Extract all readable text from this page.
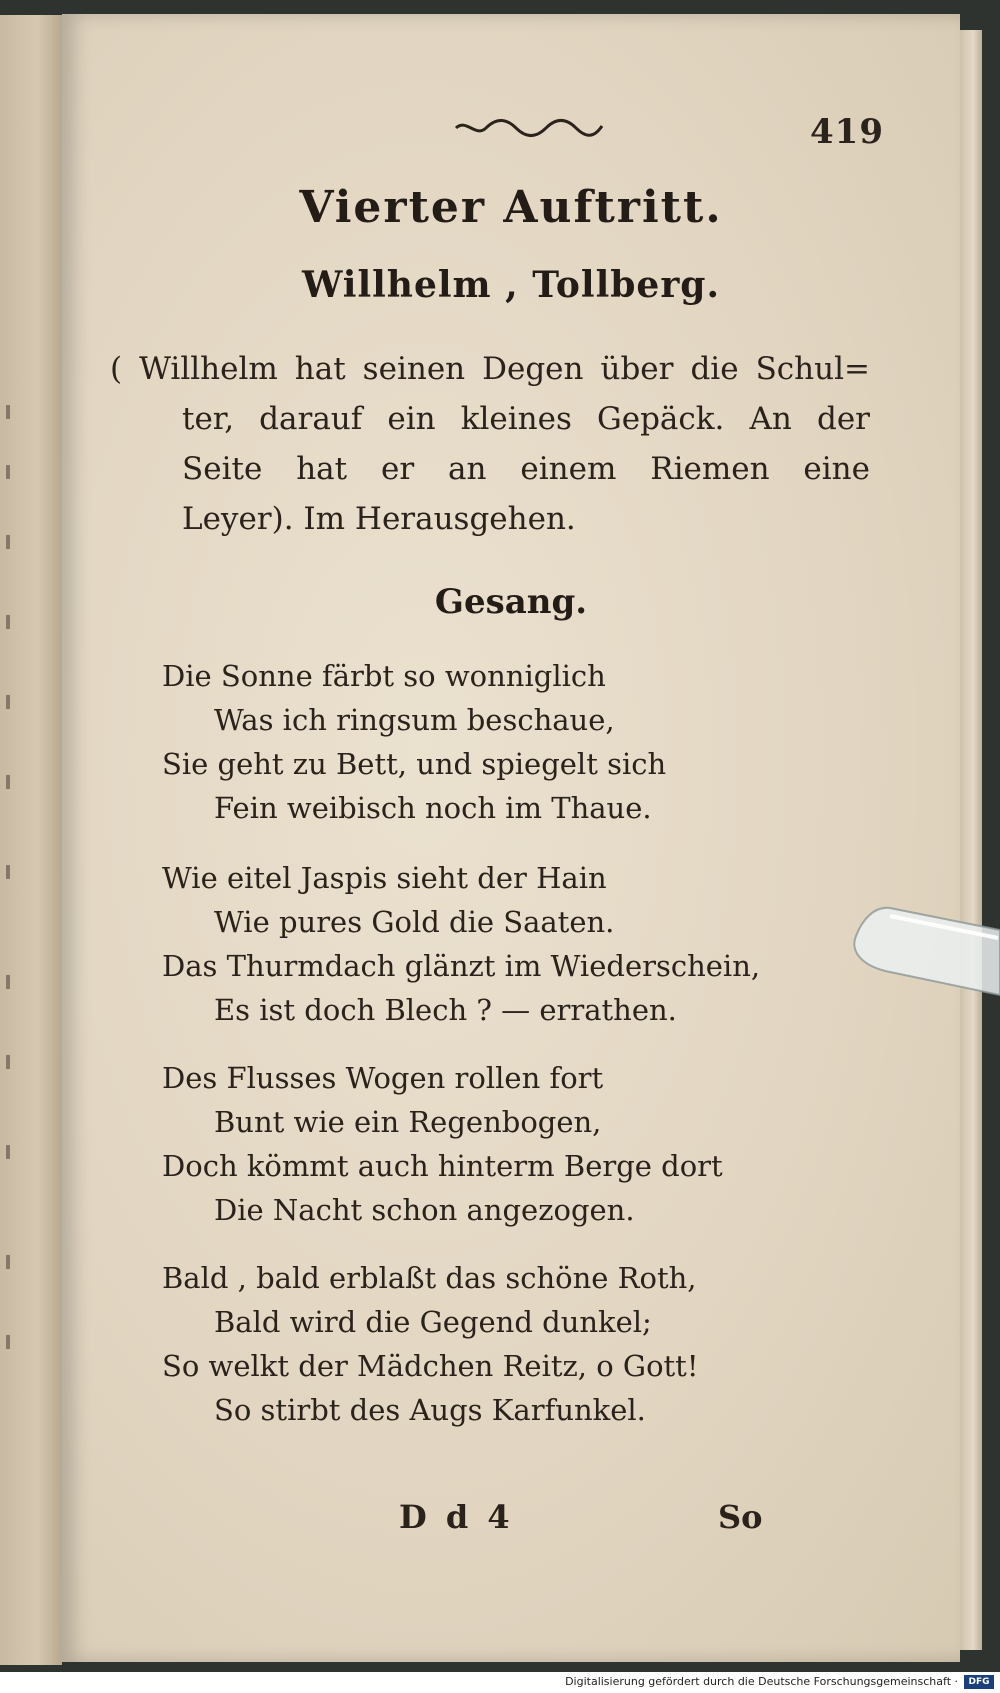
419
Vierter Auftritt.
Willhelm , Tollberg.
( Willhelm hat seinen Degen über die Schul=
ter, darauf ein kleines Gepäck. An der
Seite hat er an einem Riemen eine
Leyer). Im Herausgehen.
Gesang.
Die Sonne färbt so wonniglich
Was ich ringsum beschaue,
Sie geht zu Bett, und spiegelt sich
Fein weibisch noch im Thaue.
Wie eitel Jaspis sieht der Hain
Wie pures Gold die Saaten.
Das Thurmdach glänzt im Wiederschein,
Es ist doch Blech ? — errathen.
Des Flusses Wogen rollen fort
Bunt wie ein Regenbogen,
Doch kömmt auch hinterm Berge dort
Die Nacht schon angezogen.
Bald , bald erblaßt das schöne Roth,
Bald wird die Gegend dunkel;
So welkt der Mädchen Reitz, o Gott!
So stirbt des Augs Karfunkel.
D d 4	So
Digitalisierung gefördert durch die Deutsche Forschungsgemeinschaft ·	DFG
